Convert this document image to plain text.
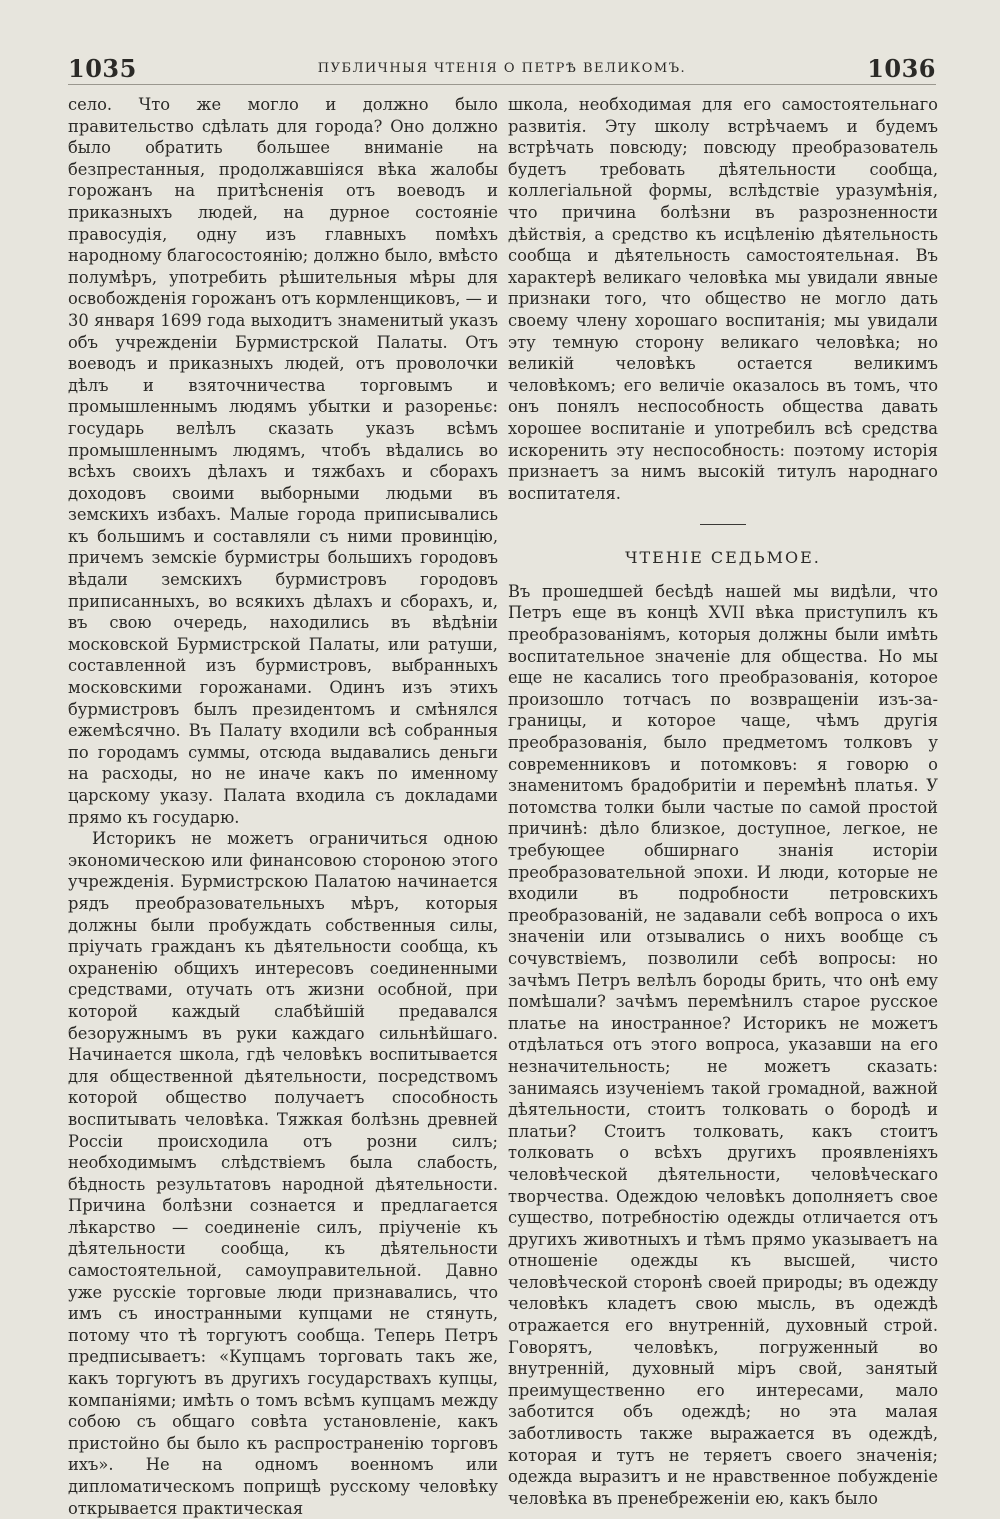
1035	ПУБЛИЧНЫЯ ЧТЕНІЯ О ПЕТРѢ ВЕЛИКОМЪ.	1036

село. Что же могло и должно было правительство сдѣлать для города? Оно должно было обратить большее вниманіе на безпрестанныя, продолжавшіяся вѣка жалобы горожанъ на притѣсненія отъ воеводъ и приказныхъ людей, на дурное состояніе правосудія, одну изъ главныхъ помѣхъ народному благосостоянію; должно было, вмѣсто полумѣръ, употребить рѣшительныя мѣры для освобожденія горожанъ отъ кормленщиковъ, — и 30 января 1699 года выходитъ знаменитый указъ объ учрежденіи Бурмистрской Палаты. Отъ воеводъ и приказныхъ людей, отъ проволочки дѣлъ и взяточничества торговымъ и промышленнымъ людямъ убытки и разореньє: государь велѣлъ сказать указъ всѣмъ промышленнымъ людямъ, чтобъ вѣдались во всѣхъ своихъ дѣлахъ и тяжбахъ и сборахъ доходовъ своими выборными людьми въ земскихъ избахъ. Малые города приписывались къ большимъ и составляли съ ними провинцію, причемъ земскіе бурмистры большихъ городовъ вѣдали земскихъ бурмистровъ городовъ приписанныхъ, во всякихъ дѣлахъ и сборахъ, и, въ свою очередь, находились въ вѣдѣніи московской Бурмистрской Палаты, или ратуши, составленной изъ бурмистровъ, выбранныхъ московскими горожанами. Одинъ изъ этихъ бурмистровъ былъ президентомъ и смѣнялся ежемѣсячно. Въ Палату входили всѣ собранныя по городамъ суммы, отсюда выдавались деньги на расходы, но не иначе какъ по именному царскому указу. Палата входила съ докладами прямо къ государю.

Историкъ не можетъ ограничиться одною экономическою или финансовою стороною этого учрежденія. Бурмистрскою Палатою начинается рядъ преобразовательныхъ мѣръ, которыя должны были пробуждать собственныя силы, пріучать гражданъ къ дѣятельности сообща, къ охраненію общихъ интересовъ соединенными средствами, отучать отъ жизни особной, при которой каждый слабѣйшій предавался безоружнымъ въ руки каждаго сильнѣйшаго. Начинается школа, гдѣ человѣкъ воспитывается для общественной дѣятельности, посредствомъ которой общество получаетъ способность воспитывать человѣка. Тяжкая болѣзнь древней Россіи происходила отъ розни силъ; необходимымъ слѣдствіемъ была слабость, бѣдность результатовъ народной дѣятельности. Причина болѣзни сознается и предлагается лѣкарство — соединеніе силъ, пріученіе къ дѣятельности сообща, къ дѣятельности самостоятельной, самоуправительной. Давно уже русскіе торговые люди признавались, что имъ съ иностранными купцами не стянуть, потому что тѣ торгуютъ сообща. Теперь Петръ предписываетъ: «Купцамъ торговать такъ же, какъ торгуютъ въ другихъ государствахъ купцы, компаніями; имѣть о томъ всѣмъ купцамъ между собою съ общаго совѣта установленіе, какъ пристойно бы было къ распространенію торговъ ихъ». Не на одномъ военномъ или дипломатическомъ поприщѣ русскому человѣку открывается практическая

школа, необходимая для его самостоятельнаго развитія. Эту школу встрѣчаемъ и будемъ встрѣчать повсюду; повсюду преобразователь будетъ требовать дѣятельности сообща, коллегіальной формы, вслѣдствіе уразумѣнія, что причина болѣзни въ разрозненности дѣйствія, а средство къ исцѣленію дѣятельность сообща и дѣятельность самостоятельная. Въ характерѣ великаго человѣка мы увидали явные признаки того, что общество не могло дать своему члену хорошаго воспитанія; мы увидали эту темную сторону великаго человѣка; но великій человѣкъ остается великимъ человѣкомъ; его величіе оказалось въ томъ, что онъ понялъ неспособность общества давать хорошее воспитаніе и употребилъ всѣ средства искоренить эту неспособность: поэтому исторія признаетъ за нимъ высокій титулъ народнаго воспитателя.

ЧТЕНІЕ СЕДЬМОЕ.

Въ прошедшей бесѣдѣ нашей мы видѣли, что Петръ еще въ концѣ XVII вѣка приступилъ къ преобразованіямъ, которыя должны были имѣть воспитательное значеніе для общества. Но мы еще не касались того преобразованія, которое произошло тотчасъ по возвращеніи изъ-за-границы, и которое чаще, чѣмъ другія преобразованія, было предметомъ толковъ у современниковъ и потомковъ: я говорю о знаменитомъ брадобритіи и перемѣнѣ платья. У потомства толки были частые по самой простой причинѣ: дѣло близкое, доступное, легкое, не требующее обширнаго знанія исторіи преобразовательной эпохи. И люди, которые не входили въ подробности петровскихъ преобразованій, не задавали себѣ вопроса о ихъ значеніи или отзывались о нихъ вообще съ сочувствіемъ, позволили себѣ вопросы: но зачѣмъ Петръ велѣлъ бороды брить, что онѣ ему помѣшали? зачѣмъ перемѣнилъ старое русское платье на иностранное? Историкъ не можетъ отдѣлаться отъ этого вопроса, указавши на его незначительность; не можетъ сказать: занимаясь изученіемъ такой громадной, важной дѣятельности, стоитъ толковать о бородѣ и платьи? Стоитъ толковать, какъ стоитъ толковать о всѣхъ другихъ проявленіяхъ человѣческой дѣятельности, человѣческаго творчества. Одеждою человѣкъ дополняетъ свое существо, потребностію одежды отличается отъ другихъ животныхъ и тѣмъ прямо указываетъ на отношеніе одежды къ высшей, чисто человѣческой сторонѣ своей природы; въ одежду человѣкъ кладетъ свою мысль, въ одеждѣ отражается его внутренній, духовный строй. Говорятъ, человѣкъ, погруженный во внутренній, духовный міръ свой, занятый преимущественно его интересами, мало заботится объ одеждѣ; но эта малая заботливость также выражается въ одеждѣ, которая и тутъ не теряетъ своего значенія; одежда выразитъ и не нравственное побужденіе человѣка въ пренебреженіи ею, какъ было
